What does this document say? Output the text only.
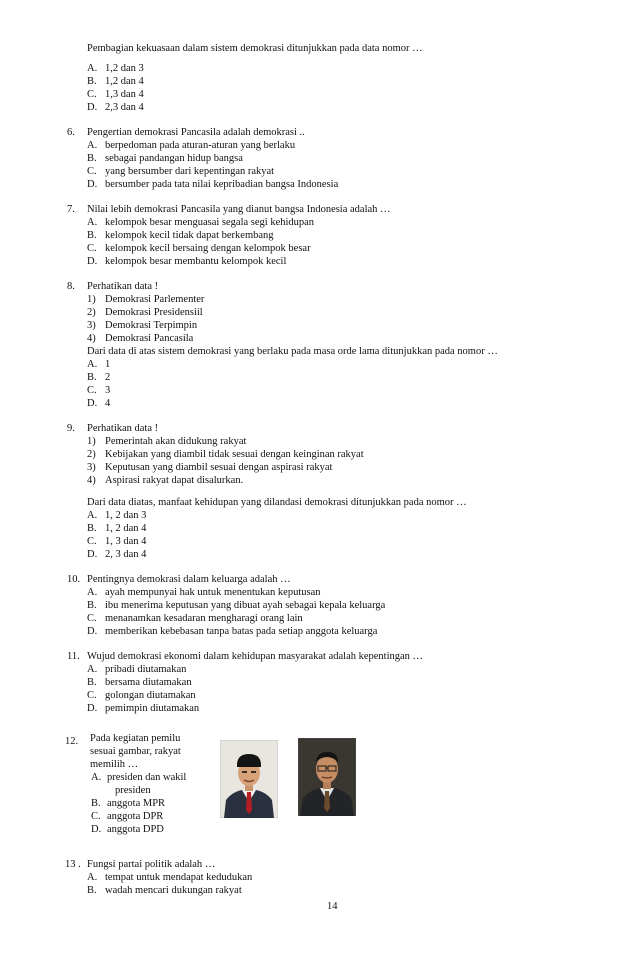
Pembagian kekuasaan dalam sistem demokrasi ditunjukkan pada data nomor …
A. 1,2 dan 3
B. 1,2 dan 4
C. 1,3 dan 4
D. 2,3 dan 4
6. Pengertian demokrasi Pancasila adalah demokrasi ..
A. berpedoman pada aturan-aturan yang berlaku
B. sebagai pandangan hidup bangsa
C. yang bersumber dari kepentingan rakyat
D. bersumber pada tata nilai kepribadian bangsa Indonesia
7. Nilai lebih demokrasi Pancasila yang dianut bangsa Indonesia adalah …
A. kelompok besar menguasai segala segi kehidupan
B. kelompok kecil tidak dapat berkembang
C. kelompok kecil bersaing dengan kelompok besar
D. kelompok besar membantu kelompok kecil
8. Perhatikan data !
1) Demokrasi Parlementer
2) Demokrasi Presidensiil
3) Demokrasi Terpimpin
4) Demokrasi Pancasila
Dari data di atas sistem demokrasi yang berlaku pada masa orde lama ditunjukkan pada nomor …
A. 1
B. 2
C. 3
D. 4
9. Perhatikan data !
1) Pemerintah akan didukung rakyat
2) Kebijakan yang diambil tidak sesuai dengan keinginan rakyat
3) Keputusan yang diambil sesuai dengan aspirasi rakyat
4) Aspirasi rakyat dapat disalurkan.
Dari data diatas, manfaat kehidupan yang dilandasi demokrasi ditunjukkan pada nomor …
A. 1, 2 dan 3
B. 1, 2 dan 4
C. 1, 3 dan 4
D. 2, 3 dan 4
10. Pentingnya demokrasi dalam keluarga adalah …
A. ayah mempunyai hak untuk menentukan keputusan
B. ibu menerima keputusan yang dibuat ayah sebagai kepala keluarga
C. menanamkan kesadaran mengharagi orang lain
D. memberikan kebebasan tanpa batas pada setiap anggota keluarga
11. Wujud demokrasi ekonomi dalam kehidupan masyarakat adalah kepentingan …
A. pribadi diutamakan
B. bersama diutamakan
C. golongan diutamakan
D. pemimpin diutamakan
12. Pada kegiatan pemilu
sesuai gambar, rakyat
memilih …
A. presiden dan wakil
presiden
B. anggota MPR
C. anggota DPR
D. anggota DPD
13 . Fungsi partai politik adalah …
A. tempat untuk mendapat kedudukan
B. wadah mencari dukungan rakyat
14
